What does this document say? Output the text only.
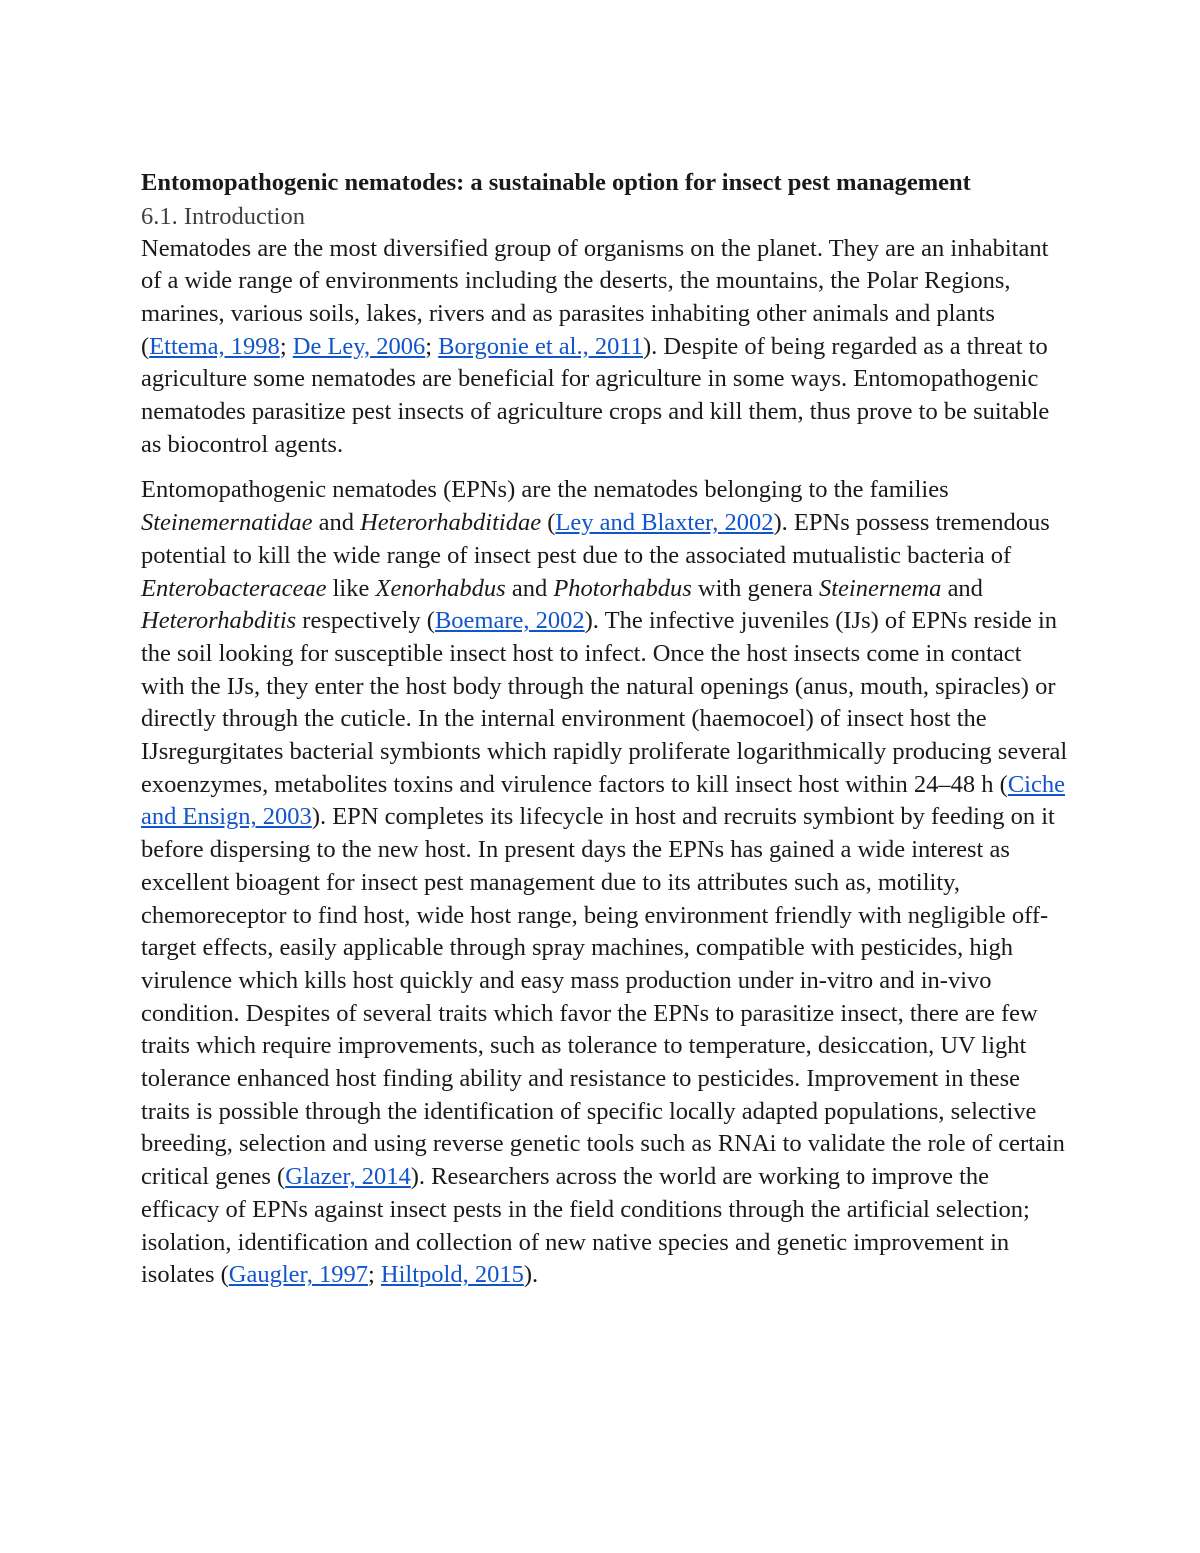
Entomopathogenic nematodes: a sustainable option for insect pest management
6.1. Introduction

Nematodes are the most diversified group of organisms on the planet. They are an inhabitant of a wide range of environments including the deserts, the mountains, the Polar Regions, marines, various soils, lakes, rivers and as parasites inhabiting other animals and plants (Ettema, 1998; De Ley, 2006; Borgonie et al., 2011). Despite of being regarded as a threat to agriculture some nematodes are beneficial for agriculture in some ways. Entomopathogenic nematodes parasitize pest insects of agriculture crops and kill them, thus prove to be suitable as biocontrol agents.

Entomopathogenic nematodes (EPNs) are the nematodes belonging to the families Steinemernatidae and Heterorhabditidae (Ley and Blaxter, 2002). EPNs possess tremendous potential to kill the wide range of insect pest due to the associated mutualistic bacteria of Enterobacteraceae like Xenorhabdus and Photorhabdus with genera Steinernema and Heterorhabditis respectively (Boemare, 2002). The infective juveniles (IJs) of EPNs reside in the soil looking for susceptible insect host to infect. Once the host insects come in contact with the IJs, they enter the host body through the natural openings (anus, mouth, spiracles) or directly through the cuticle. In the internal environment (haemocoel) of insect host the IJsregurgitates bacterial symbionts which rapidly proliferate logarithmically producing several exoenzymes, metabolites toxins and virulence factors to kill insect host within 24–48 h (Ciche and Ensign, 2003). EPN completes its lifecycle in host and recruits symbiont by feeding on it before dispersing to the new host. In present days the EPNs has gained a wide interest as excellent bioagent for insect pest management due to its attributes such as, motility, chemoreceptor to find host, wide host range, being environment friendly with negligible off-target effects, easily applicable through spray machines, compatible with pesticides, high virulence which kills host quickly and easy mass production under in-vitro and in-vivo condition. Despites of several traits which favor the EPNs to parasitize insect, there are few traits which require improvements, such as tolerance to temperature, desiccation, UV light tolerance enhanced host finding ability and resistance to pesticides. Improvement in these traits is possible through the identification of specific locally adapted populations, selective breeding, selection and using reverse genetic tools such as RNAi to validate the role of certain critical genes (Glazer, 2014). Researchers across the world are working to improve the efficacy of EPNs against insect pests in the field conditions through the artificial selection; isolation, identification and collection of new native species and genetic improvement in isolates (Gaugler, 1997; Hiltpold, 2015).
